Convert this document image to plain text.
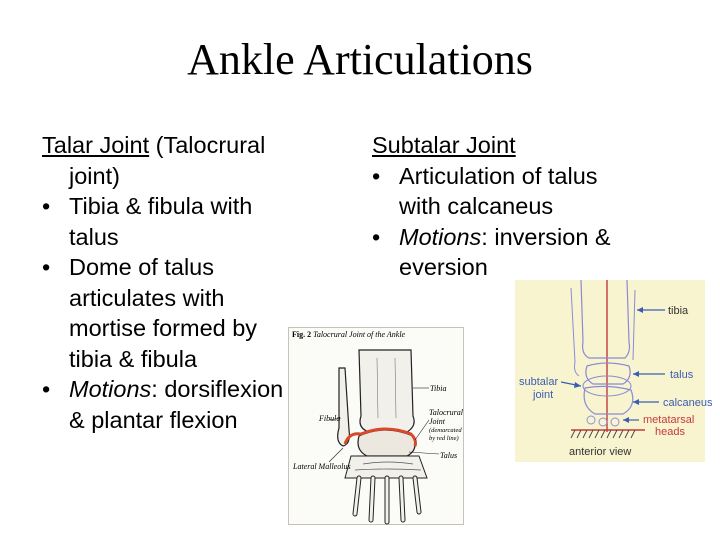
Ankle Articulations
Talar Joint (Talocrural
joint)
• Tibia & fibula with
talus
• Dome of talus
articulates with
mortise formed by
tibia & fibula
• Motions: dorsiflexion
& plantar flexion
Subtalar Joint
• Articulation of talus
with calcaneus
• Motions: inversion &
eversion
Fig. 2 Talocrural Joint of the Ankle
Tibia
Fibula
Talocrural
Joint
(demarcated
by red line)
Lateral Malleolus
Talus
tibia
subtalar
joint
talus
calcaneus
metatarsal
heads
anterior view
